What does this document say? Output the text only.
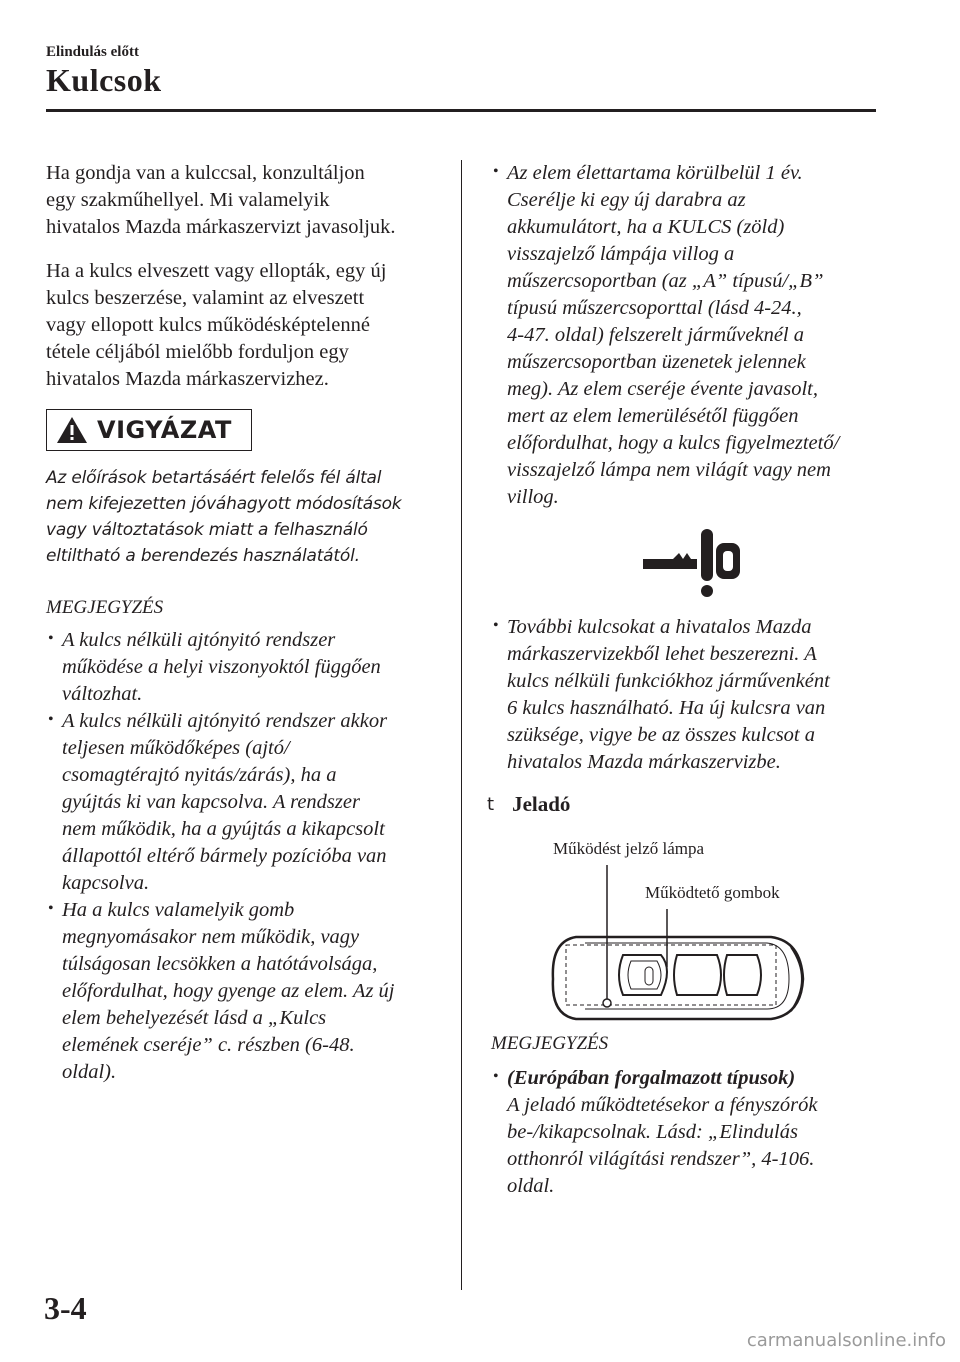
Elindulás előtt
Kulcsok

Ha gondja van a kulccsal, konzultáljon
egy szakműhellyel. Mi valamelyik
hivatalos Mazda márkaszervizt javasoljuk.

Ha a kulcs elveszett vagy ellopták, egy új
kulcs beszerzése, valamint az elveszett
vagy ellopott kulcs működésképtelenné
tétele céljából mielőbb forduljon egy
hivatalos Mazda márkaszervizhez.

VIGYÁZAT
Az előírások betartásáért felelős fél által
nem kifejezetten jóváhagyott módosítások
vagy változtatások miatt a felhasználó
eltiltható a berendezés használatától.
MEGJEGYZÉS
• A kulcs nélküli ajtónyitó rendszer
működése a helyi viszonyoktól függően
változhat.
• A kulcs nélküli ajtónyitó rendszer akkor
teljesen működőképes (ajtó/
csomagtérajtó nyitás/zárás), ha a
gyújtás ki van kapcsolva. A rendszer
nem működik, ha a gyújtás a kikapcsolt
állapottól eltérő bármely pozícióba van
kapcsolva.
• Ha a kulcs valamelyik gomb
megnyomásakor nem működik, vagy
túlságosan lecsökken a hatótávolsága,
előfordulhat, hogy gyenge az elem. Az új
elem behelyezését lásd a „Kulcs
elemének cseréje” c. részben (6-48.
oldal).
• Az elem élettartama körülbelül 1 év.
Cserélje ki egy új darabra az
akkumulátort, ha a KULCS (zöld)
visszajelző lámpája villog a
műszercsoportban (az „A” típusú/„B”
típusú műszercsoporttal (lásd 4-24.,
4-47. oldal) felszerelt járműveknél a
műszercsoportban üzenetek jelennek
meg). Az elem cseréje évente javasolt,
mert az elem lemerülésétől függően
előfordulhat, hogy a kulcs figyelmeztető/
visszajelző lámpa nem világít vagy nem
villog.
• További kulcsokat a hivatalos Mazda
márkaszervizekből lehet beszerezni. A
kulcs nélküli funkciókhoz járművenként
6 kulcs használható. Ha új kulcsra van
szüksége, vigye be az összes kulcsot a
hivatalos Mazda márkaszervizbe.
t Jeladó
Működést jelző lámpa
Működtető gombok
MEGJEGYZÉS
• (Európában forgalmazott típusok)
A jeladó működtetésekor a fényszórók
be-/kikapcsolnak. Lásd: „Elindulás
otthonról világítási rendszer”, 4-106.
oldal.
3-4
carmanualsonline.info
